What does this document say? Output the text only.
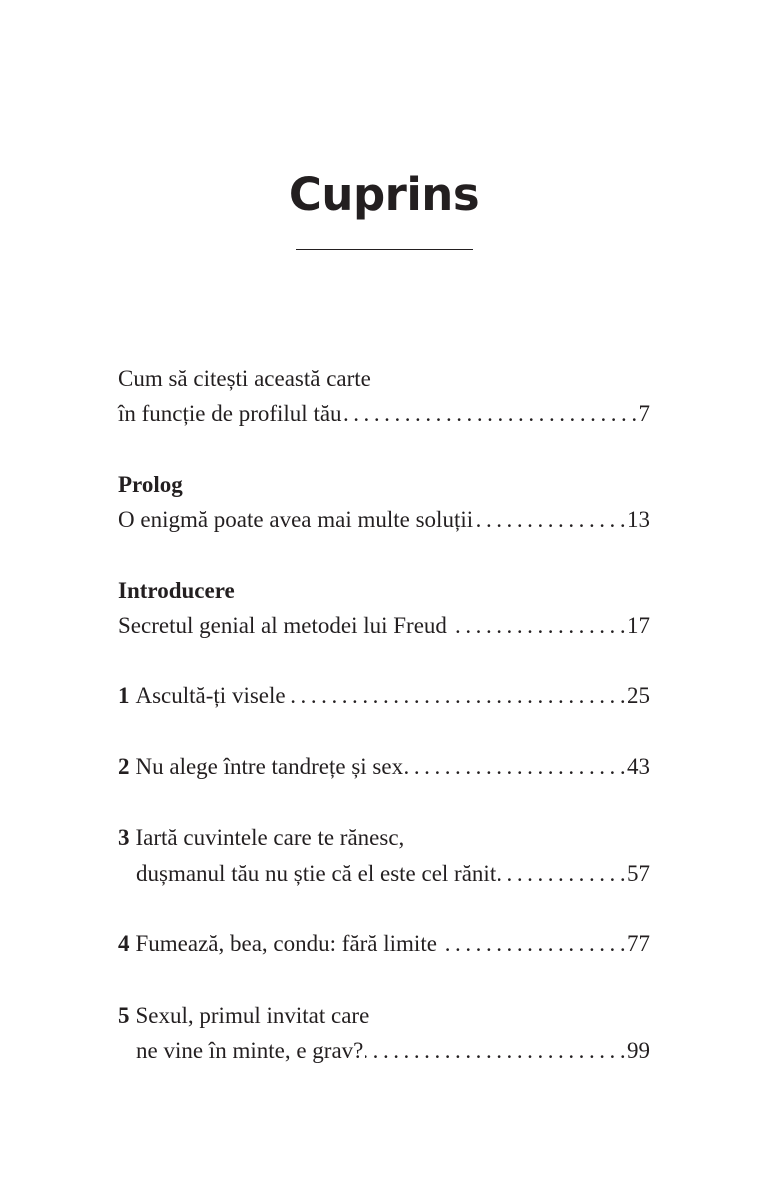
Cuprins
Cum să citești această carte
în funcție de profilul tău . . .	7
Prolog
O enigmă poate avea mai multe soluții . . .	13
Introducere
Secretul genial al metodei lui Freud . . .	17
1 Ascultă-ți visele . . .	25
2 Nu alege între tandrețe și sex . . .	43
3 Iartă cuvintele care te rănesc,
dușmanul tău nu știe că el este cel rănit . . .	57
4 Fumează, bea, condu: fără limite . . .	77
5 Sexul, primul invitat care
ne vine în minte, e grav? . . .	99
